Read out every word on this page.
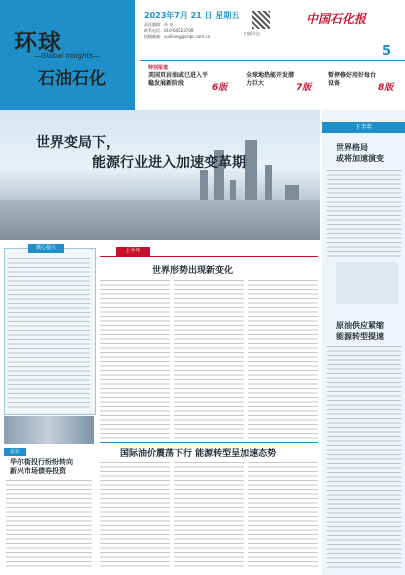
环球
—Global Insights—
石油石化
2023年7月 21 日 星期五
责任编辑：孙 亮
联系电话：010-64523709
投稿邮箱：sunliang@cnpc.com.cn
扫描关注
中国石化报
5
特别报道
美国页岩油或已进入平稳发展新阶段	6版
全球地热能开发潜力巨大	7版
暂停修好用好每台设备	8版
世界变局下，
能源行业进入加速变革期
下半年
世界格局
或将加速演变
原油供应紧缩
能源转型提速
核心提示
论坛
华尔街投行纷纷转向
新兴市场债券投资
上半年
世界形势出现新变化
国际油价震荡下行 能源转型呈加速态势
